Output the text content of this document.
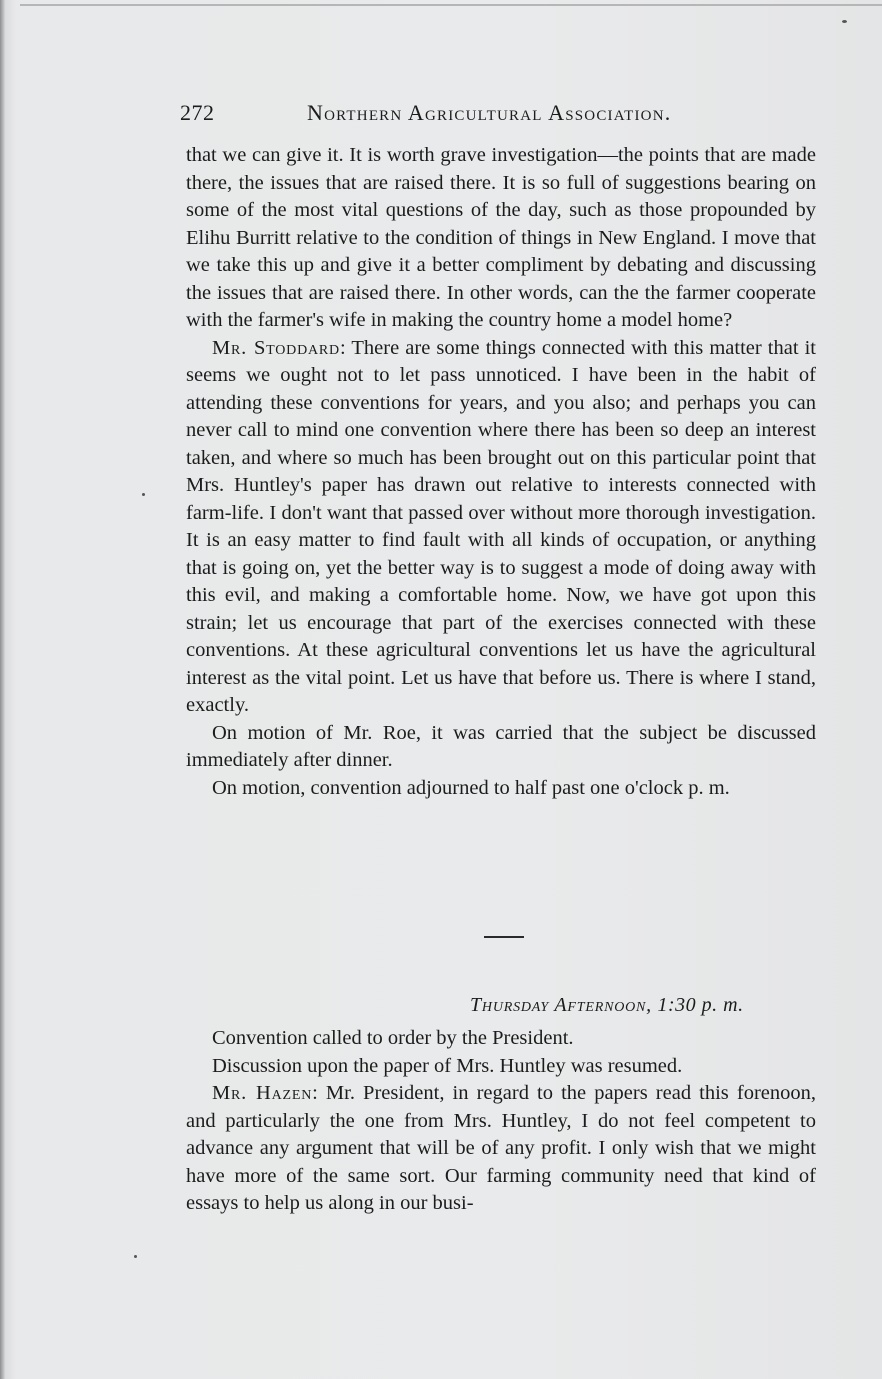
272	Northern Agricultural Association.

that we can give it. It is worth grave investigation––the points that are made there, the issues that are raised there. It is so full of suggestions bearing on some of the most vital questions of the day, such as those propounded by Elihu Burritt relative to the condition of things in New England. I move that we take this up and give it a better compliment by debating and discussing the issues that are raised there. In other words, can the the farmer cooperate with the farmer's wife in making the country home a model home?

Mr. Stoddard: There are some things connected with this matter that it seems we ought not to let pass unnoticed. I have been in the habit of attending these conventions for years, and you also; and perhaps you can never call to mind one convention where there has been so deep an interest taken, and where so much has been brought out on this particular point that Mrs. Huntley's paper has drawn out relative to interests connected with farm-life. I don't want that passed over without more thorough investigation. It is an easy matter to find fault with all kinds of occupation, or anything that is going on, yet the better way is to suggest a mode of doing away with this evil, and making a comfortable home. Now, we have got upon this strain; let us encourage that part of the exercises connected with these conventions. At these agricultural conventions let us have the agricultural interest as the vital point. Let us have that before us. There is where I stand, exactly.

On motion of Mr. Roe, it was carried that the subject be discussed immediately after dinner.

On motion, convention adjourned to half past one o'clock p. m.

Thursday Afternoon, 1:30 p. m.

Convention called to order by the President.

Discussion upon the paper of Mrs. Huntley was resumed.

Mr. Hazen: Mr. President, in regard to the papers read this forenoon, and particularly the one from Mrs. Huntley, I do not feel competent to advance any argument that will be of any profit. I only wish that we might have more of the same sort. Our farming community need that kind of essays to help us along in our busi-
